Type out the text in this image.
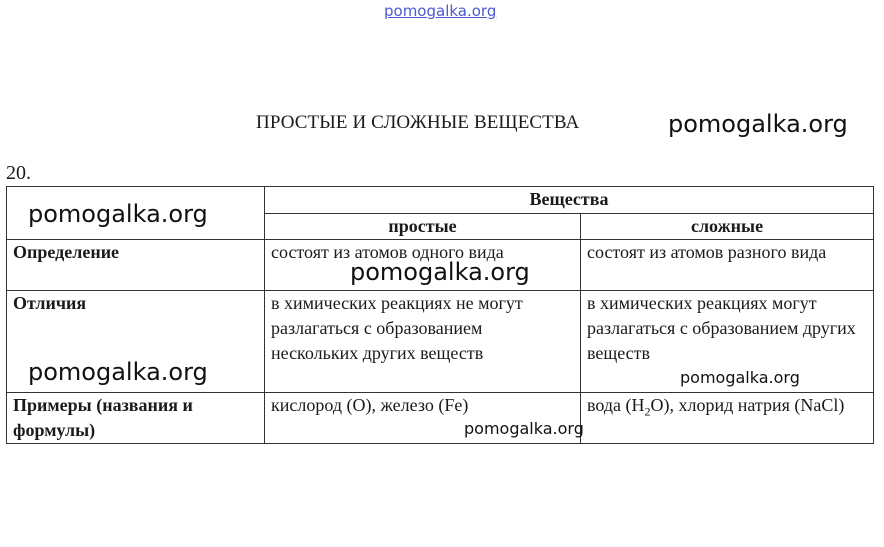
pomogalka.org
ПРОСТЫЕ И СЛОЖНЫЕ ВЕЩЕСТВА	pomogalka.org
20.
	Вещества	
	простые	сложные
Определение	состоят из атомов одного вида	состоят из атомов разного вида
Отличия	в химических реакциях не могут разлагаться с образованием нескольких других веществ	в химических реакциях могут разлагаться с образованием других веществ
Примеры (названия и формулы)	кислород (О), железо (Fe)	вода $(H_2O)$, хлорид натрия (NaCl)
pomogalka.org
pomogalka.org
pomogalka.org	pomogalka.org
pomogalka.org
